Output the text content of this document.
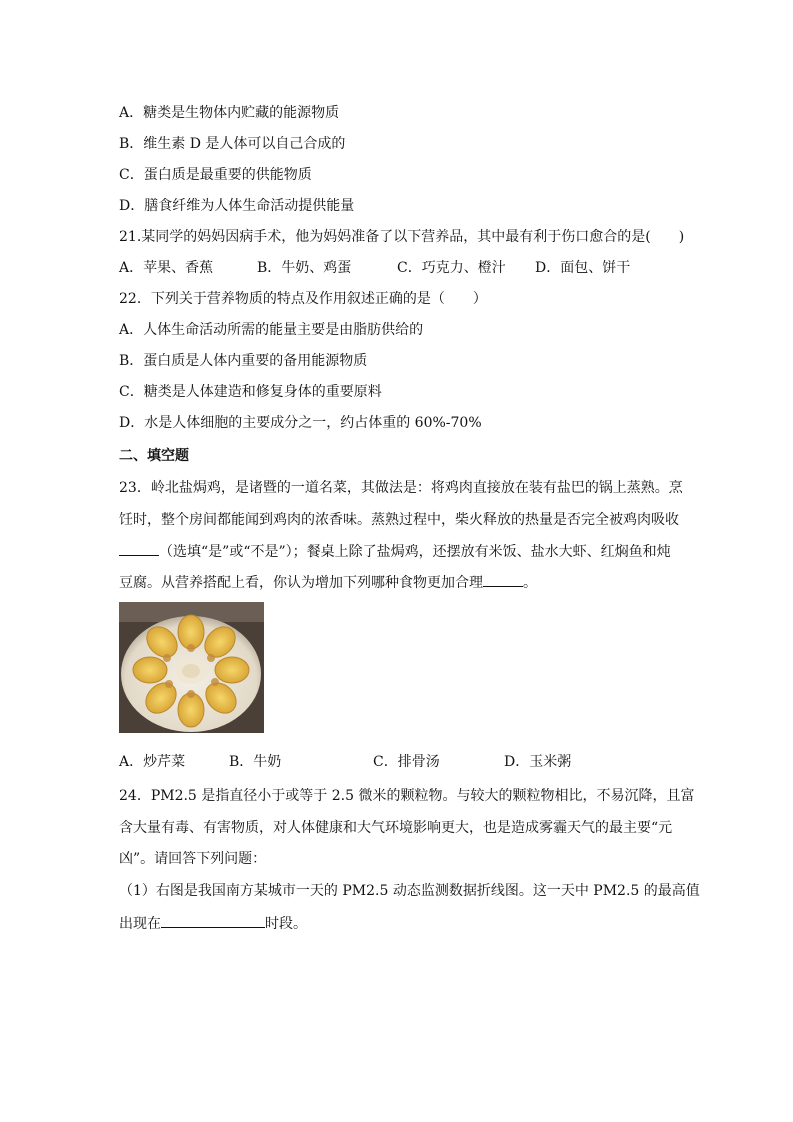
A．糖类是生物体内贮藏的能源物质
B．维生素 D 是人体可以自己合成的
C．蛋白质是最重要的供能物质
D．膳食纤维为人体生命活动提供能量
21.某同学的妈妈因病手术，他为妈妈准备了以下营养品，其中最有利于伤口愈合的是(　　)
A．苹果、香蕉	B．牛奶、鸡蛋	C．巧克力、橙汁	D．面包、饼干
22．下列关于营养物质的特点及作用叙述正确的是（　　）
A．人体生命活动所需的能量主要是由脂肪供给的
B．蛋白质是人体内重要的备用能源物质
C．糖类是人体建造和修复身体的重要原料
D．水是人体细胞的主要成分之一，约占体重的 60%-70%
二、填空题
23．岭北盐焗鸡，是诸暨的一道名菜，其做法是：将鸡肉直接放在装有盐巴的锅上蒸熟。烹
饪时，整个房间都能闻到鸡肉的浓香味。蒸熟过程中，柴火释放的热量是否完全被鸡肉吸收
（选填“是”或“不是”）；餐桌上除了盐焗鸡，还摆放有米饭、盐水大虾、红焖鱼和炖
豆腐。从营养搭配上看，你认为增加下列哪种食物更加合理	。
A．炒芹菜	B．牛奶	C．排骨汤	D．玉米粥
24．PM2.5 是指直径小于或等于 2.5 微米的颗粒物。与较大的颗粒物相比，不易沉降，且富
含大量有毒、有害物质，对人体健康和大气环境影响更大，也是造成雾霾天气的最主要“元
凶”。请回答下列问题：
（1）右图是我国南方某城市一天的 PM2.5 动态监测数据折线图。这一天中 PM2.5 的最高值
出现在	时段。
